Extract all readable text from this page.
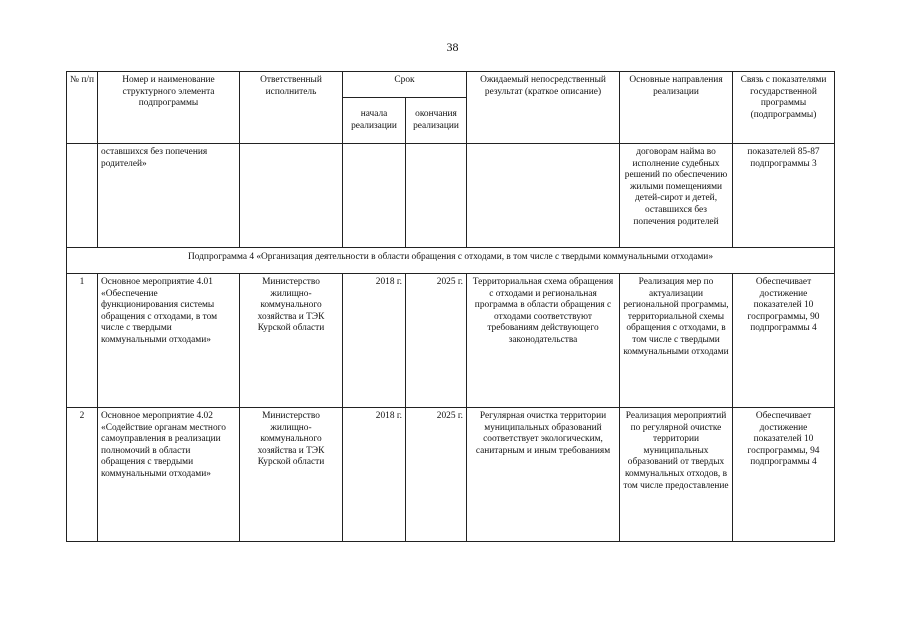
38
№ п/п	Номер и наименование структурного элемента подпрограммы	Ответственный исполнитель	Срок		Ожидаемый непосредственный результат (краткое описание)	Основные направления реализации	Связь с показателями государственной программы (подпрограммы)
			начала реализации	окончания реализации			
	оставшихся без попечения родителей»					договорам найма во исполнение судебных решений по обеспечению жилыми помещениями детей-сирот и детей, оставшихся без попечения родителей	показателей 85-87 подпрограммы 3
Подпрограмма 4 «Организация деятельности в области обращения с отходами, в том числе с твердыми коммунальными отходами»							
1	Основное мероприятие 4.01 «Обеспечение функционирования системы обращения с отходами, в том числе с твердыми коммунальными отходами»	Министерство жилищно-коммунального хозяйства и ТЭК Курской области	2018 г.	2025 г.	Территориальная схема обращения с отходами и региональная программа в области обращения с отходами соответствуют требованиям действующего законодательства	Реализация мер по актуализации региональной программы, территориальной схемы обращения с отходами, в том числе с твердыми коммунальными отходами	Обеспечивает достижение показателей 10 госпрограммы, 90 подпрограммы 4
2	Основное мероприятие 4.02 «Содействие органам местного самоуправления в реализации полномочий в области обращения с твердыми коммунальными отходами»	Министерство жилищно-коммунального хозяйства и ТЭК Курской области	2018 г.	2025 г.	Регулярная очистка территории муниципальных образований соответствует экологическим, санитарным и иным требованиям	Реализация мероприятий по регулярной очистке территории муниципальных образований от твердых коммунальных отходов, в том числе предоставление	Обеспечивает достижение показателей 10 госпрограммы, 94 подпрограммы 4
